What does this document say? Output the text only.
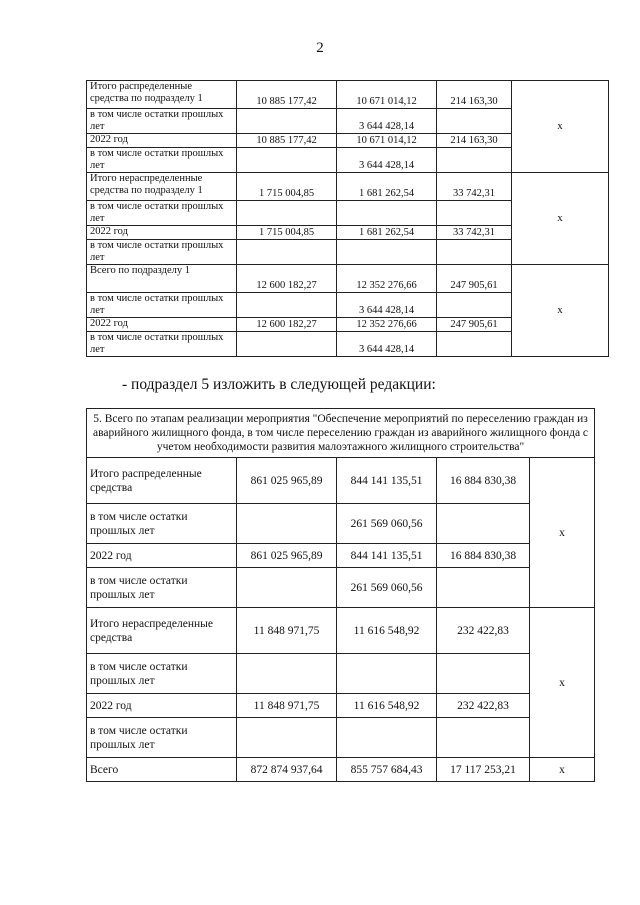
2
Итого распределенные средства по подразделу 1	10 885 177,42	10 671 014,12	214 163,30	x
в том числе остатки прошлых лет		3 644 428,14		
2022 год	10 885 177,42	10 671 014,12	214 163,30	
в том числе остатки прошлых лет		3 644 428,14		
Итого нераспределенные средства по подразделу 1	1 715 004,85	1 681 262,54	33 742,31	x
в том числе остатки прошлых лет				
2022 год	1 715 004,85	1 681 262,54	33 742,31	
в том числе остатки прошлых лет				
Всего по подразделу 1	12 600 182,27	12 352 276,66	247 905,61	x
в том числе остатки прошлых лет		3 644 428,14		
2022 год	12 600 182,27	12 352 276,66	247 905,61	
в том числе остатки прошлых лет		3 644 428,14		
- подраздел 5 изложить в следующей редакции:
5. Всего по этапам реализации мероприятия "Обеспечение мероприятий по переселению граждан из аварийного жилищного фонда, в том числе переселению граждан из аварийного жилищного фонда с учетом необходимости развития малоэтажного жилищного строительства"				
Итого распределенные средства	861 025 965,89	844 141 135,51	16 884 830,38	x
в том числе остатки прошлых лет		261 569 060,56		
2022 год	861 025 965,89	844 141 135,51	16 884 830,38	
в том числе остатки прошлых лет		261 569 060,56		
Итого нераспределенные средства	11 848 971,75	11 616 548,92	232 422,83	x
в том числе остатки прошлых лет				
2022 год	11 848 971,75	11 616 548,92	232 422,83	
в том числе остатки прошлых лет				
Всего	872 874 937,64	855 757 684,43	17 117 253,21	x
